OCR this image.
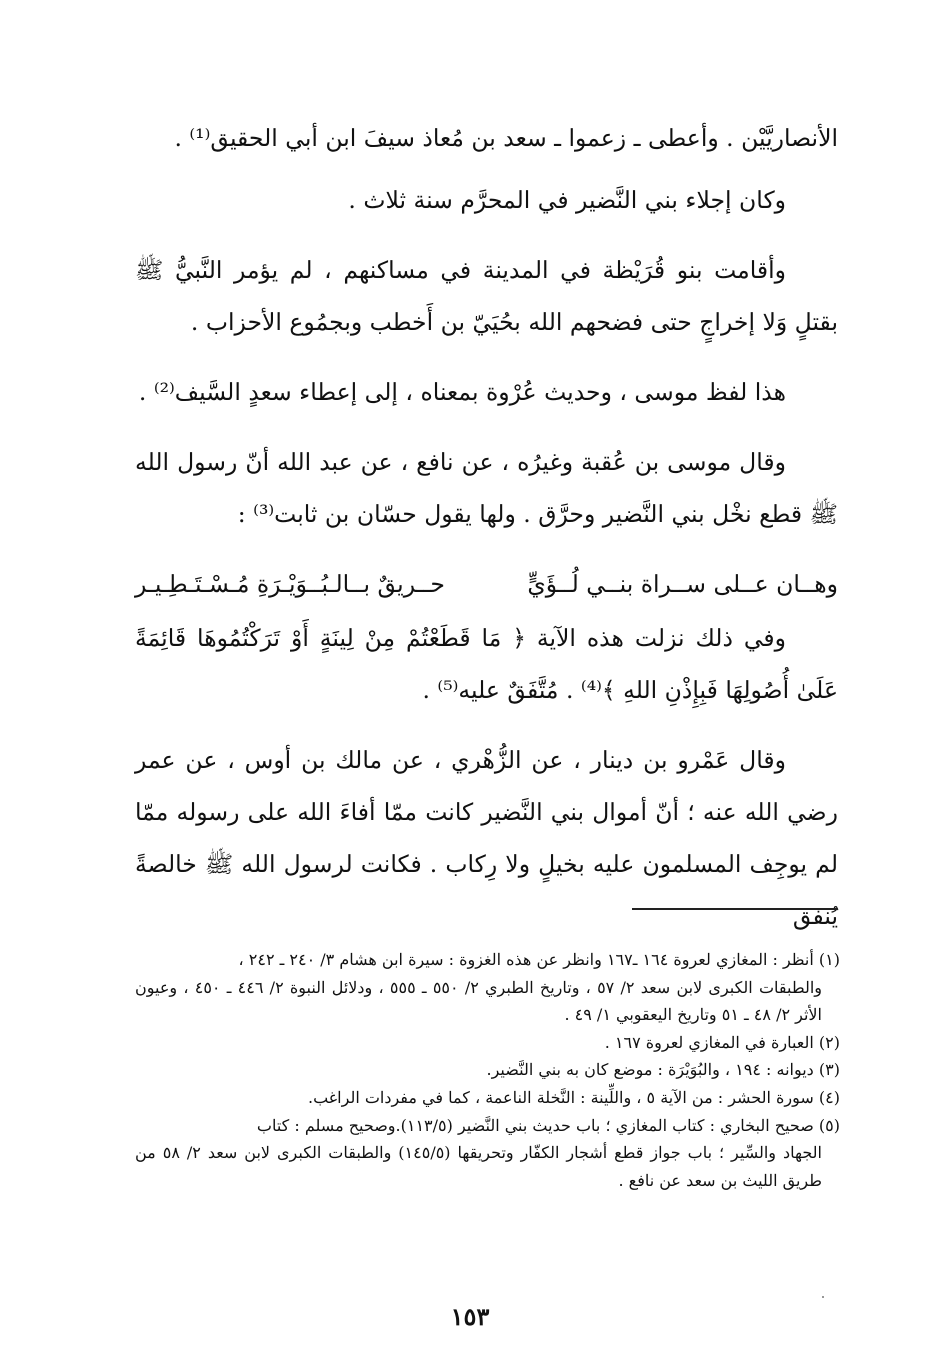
الأنصاريَّيْن . وأعطى ـ زعموا ـ سعد بن مُعاذ سيفَ ابن أبي الحقيق⁽¹⁾ .

وكان إجلاء بني النَّضير في المحرَّم سنة ثلاث .

وأقامت بنو قُرَيْظة في المدينة في مساكنهم ، لم يؤمر النَّبيُّ ﷺ بقتلٍ وَلا إخراجٍ حتى فضحهم الله بحُيَيّ بن أَخطب وبجمُوع الأحزاب .

هذا لفظ موسى ، وحديث عُرْوة بمعناه ، إلى إعطاء سعدٍ السَّيف⁽²⁾ .

وقال موسى بن عُقبة وغيرُه ، عن نافع ، عن عبد الله أنّ رسول الله ﷺ قطع نخْل بني النَّضير وحرَّق . ولها يقول حسّان بن ثابت⁽³⁾ :

وهــان عــلى ســراة بنــي لُــؤَيٍّ
حــريقٌ بــالـبُــوَيْـرَةِ مُـسْـتَـطِـيـر

وفي ذلك نزلت هذه الآية ﴿ مَا قَطَعْتُمْ مِنْ لِينَةٍ أَوْ تَرَكْتُمُوهَا قَائِمَةً عَلَىٰ أُصُولِهَا فَبِإِذْنِ اللهِ ﴾⁽⁴⁾ . مُتَّفَقٌ عليه⁽⁵⁾ .

وقال عَمْرو بن دينار ، عن الزُّهْري ، عن مالك بن أوس ، عن عمر رضي الله عنه ؛ أنّ أموال بني النَّضير كانت ممّا أفاءَ الله على رسوله ممّا لم يوجِف المسلمون عليه بخيلٍ ولا رِكاب . فكانت لرسول الله ﷺ خالصةً يُنفق

(١) أنظر : المغازي لعروة ١٦٤ ـ١٦٧ وانظر عن هذه الغزوة : سيرة ابن هشام ٣/ ٢٤٠ ـ ٢٤٢ ،
والطبقات الكبرى لابن سعد ٢/ ٥٧ ، وتاريخ الطبري ٢/ ٥٥٠ ـ ٥٥٥ ، ودلائل النبوة ٢/ ٤٤٦ ـ ٤٥٠ ، وعيون الأثر ٢/ ٤٨ ـ ٥١ وتاريخ اليعقوبي ١/ ٤٩ .

(٢) العبارة في المغازي لعروة ١٦٧ .

(٣) ديوانه : ١٩٤ ، والبُوَيْرَة : موضع كان به بني النَّضير.

(٤) سورة الحشر : من الآية ٥ ، واللِّينة : النَّخلة الناعمة ، كما في مفردات الراغب.

(٥) صحيح البخاري : كتاب المغازي ؛ باب حديث بني النَّضير (١١٣/٥).وصحيح مسلم : كتاب
الجهاد والسِّير ؛ باب جواز قطع أشجار الكفّار وتحريقها (١٤٥/٥) والطبقات الكبرى لابن سعد ٢/ ٥٨ من طريق الليث بن سعد عن نافع .

١٥٣
